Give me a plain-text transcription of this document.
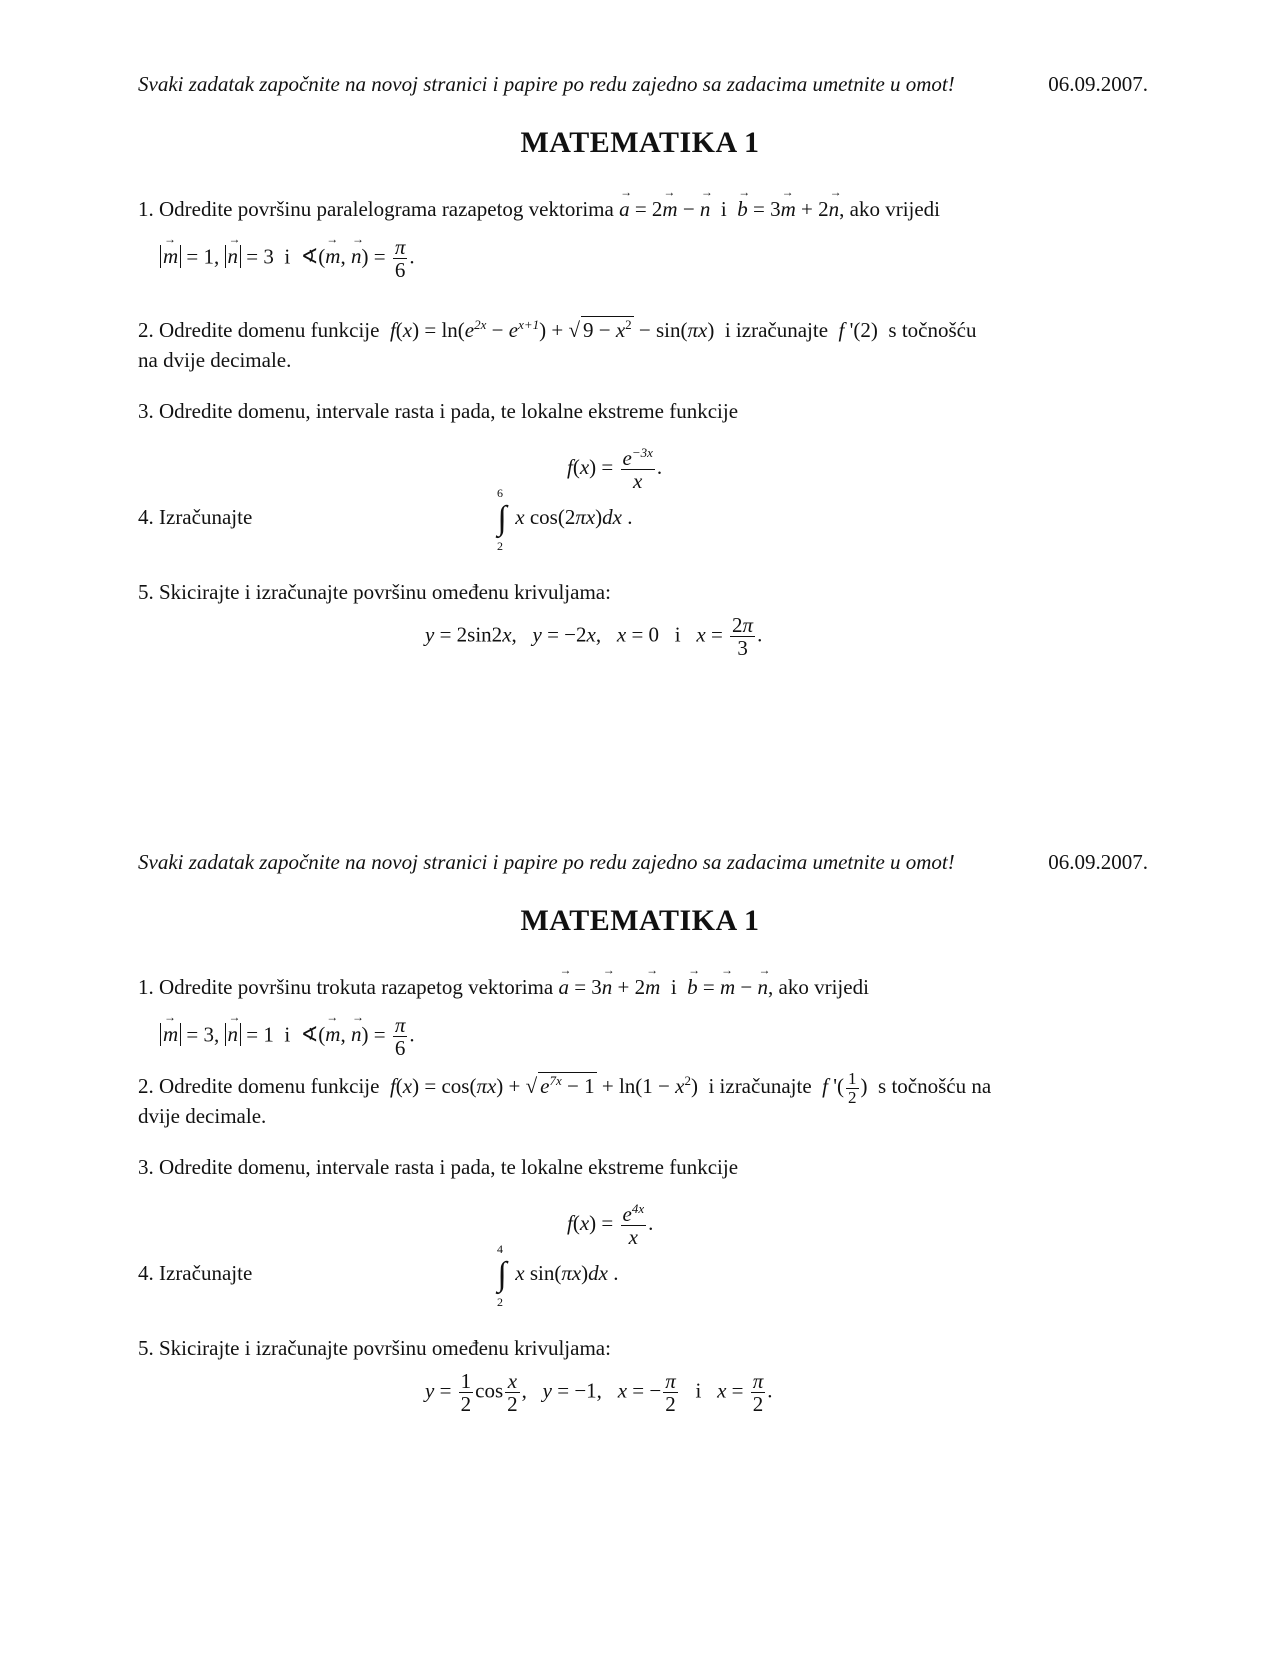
Svaki zadatak započnite na novoj stranici i papire po redu zajedno sa zadacima umetnite u omot!	06.09.2007.
MATEMATIKA 1
1. Odredite površinu paralelograma razapetog vektorima a → = 2m → − n →  i  b → = 3m → + 2n →, ako vrijedi
m → = 1, n → = 3  i  ∢(m →, n →) = $\frac{\pi}{6}$ .
2. Odredite domenu funkcije $f(x) = \ln(e^{2x} - e^{x+1})$ + √ $9 - x^2 - \sin(\pi x)$ i izračunajte f '(2) s točnošću
na dvije decimale.
3. Odredite domenu, intervale rasta i pada, te lokalne ekstreme funkcije
$f(x) = \frac{e^{-3x}}{x}$ .
4. Izračunajte	∫
6
2
x cos(2πx)dx .
5. Skicirajte i izračunajte površinu omeđenu krivuljama:
y = 2sin2x,   y = −2x,   x = 0   i   $x = \frac{2\pi}{3}$ .
Svaki zadatak započnite na novoj stranici i papire po redu zajedno sa zadacima umetnite u omot!	06.09.2007.
MATEMATIKA 1
1. Odredite površinu trokuta razapetog vektorima a → = 3n → + 2m →  i  b → = m → − n →, ako vrijedi
m → = 3, n → = 1  i  ∢(m →, n →) = $\frac{\pi}{6}$ .
2. Odredite domenu funkcije f(x) = cos(πx) + √ $e^{7x} - 1 + \ln(1 - x^2)$ i izračunajte f '( $\frac{1}{2}$ ) s točnošću na
dvije decimale.
3. Odredite domenu, intervale rasta i pada, te lokalne ekstreme funkcije
$f(x) = \frac{e^{4x}}{x}$ .
4. Izračunajte	∫
4
2
x sin(πx)dx .
5. Skicirajte i izračunajte površinu omeđenu krivuljama:
$y = \frac{1}{2}$ $\cos \frac{x}{2}$ ,   y = −1,   x = − $\frac{\pi}{2}$ i   $x = \frac{\pi}{2}$ .
